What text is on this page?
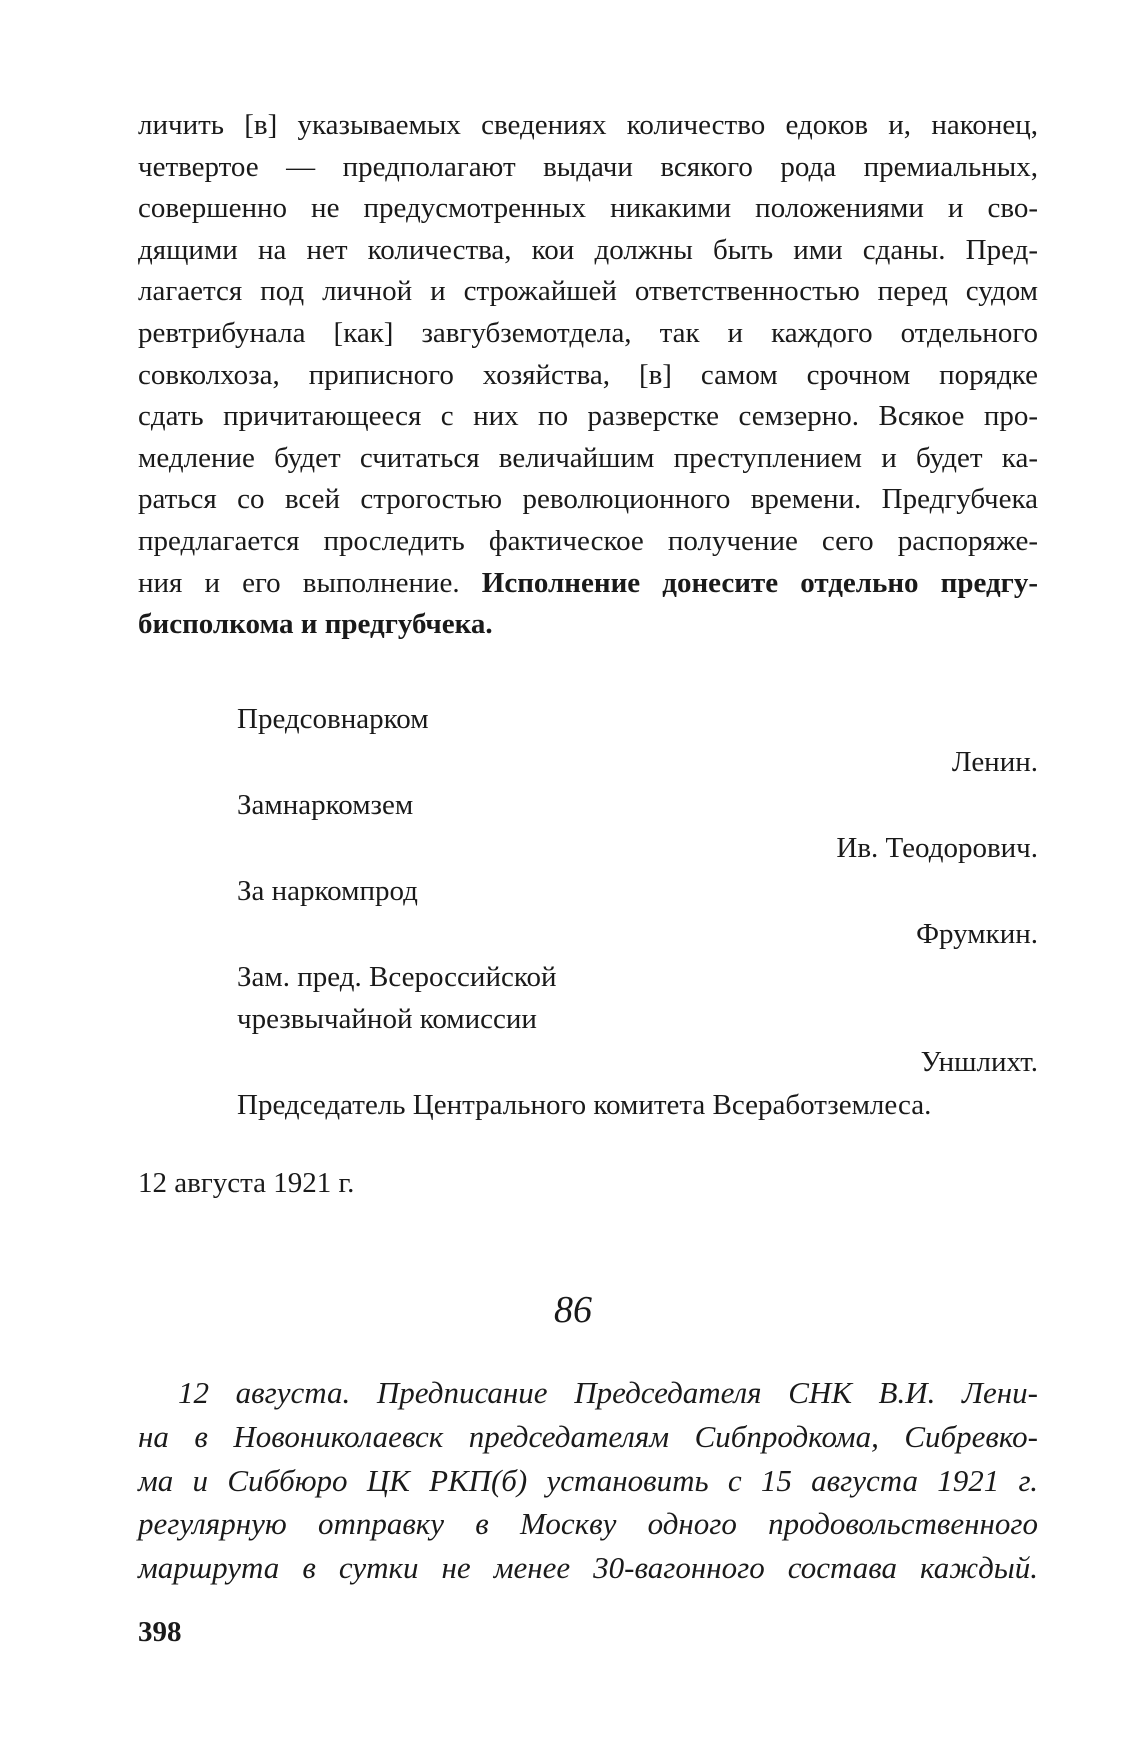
личить [в] указываемых сведениях количество едоков и, наконец,
четвертое — предполагают выдачи всякого рода премиальных,
совершенно не предусмотренных никакими положениями и сво-
дящими на нет количества, кои должны быть ими сданы. Пред-
лагается под личной и строжайшей ответственностью перед судом
ревтрибунала [как] завгубземотдела, так и каждого отдельного
совколхоза, приписного хозяйства, [в] самом срочном порядке
сдать причитающееся с них по разверстке семзерно. Всякое про-
медление будет считаться величайшим преступлением и будет ка-
раться со всей строгостью революционного времени. Предгубчека
предлагается проследить фактическое получение сего распоряже-
ния и его выполнение. Исполнение донесите отдельно предгу-
бисполкома и предгубчека.
Предсовнарком
Ленин.
Замнаркомзем
Ив. Теодорович.
За наркомпрод
Фрумкин.
Зам. пред. Всероссийской
чрезвычайной комиссии
Уншлихт.
Председатель Центрального комитета Всеработземлеса.
12 августа 1921 г.
86
12 августа. Предписание Председателя СНК В.И. Лени-
на в Новониколаевск председателям Сибпродкома, Сибревко-
ма и Сиббюро ЦК РКП(б) установить с 15 августа 1921 г.
регулярную отправку в Москву одного продовольственного
маршрута в сутки не менее 30-вагонного состава каждый.
398
